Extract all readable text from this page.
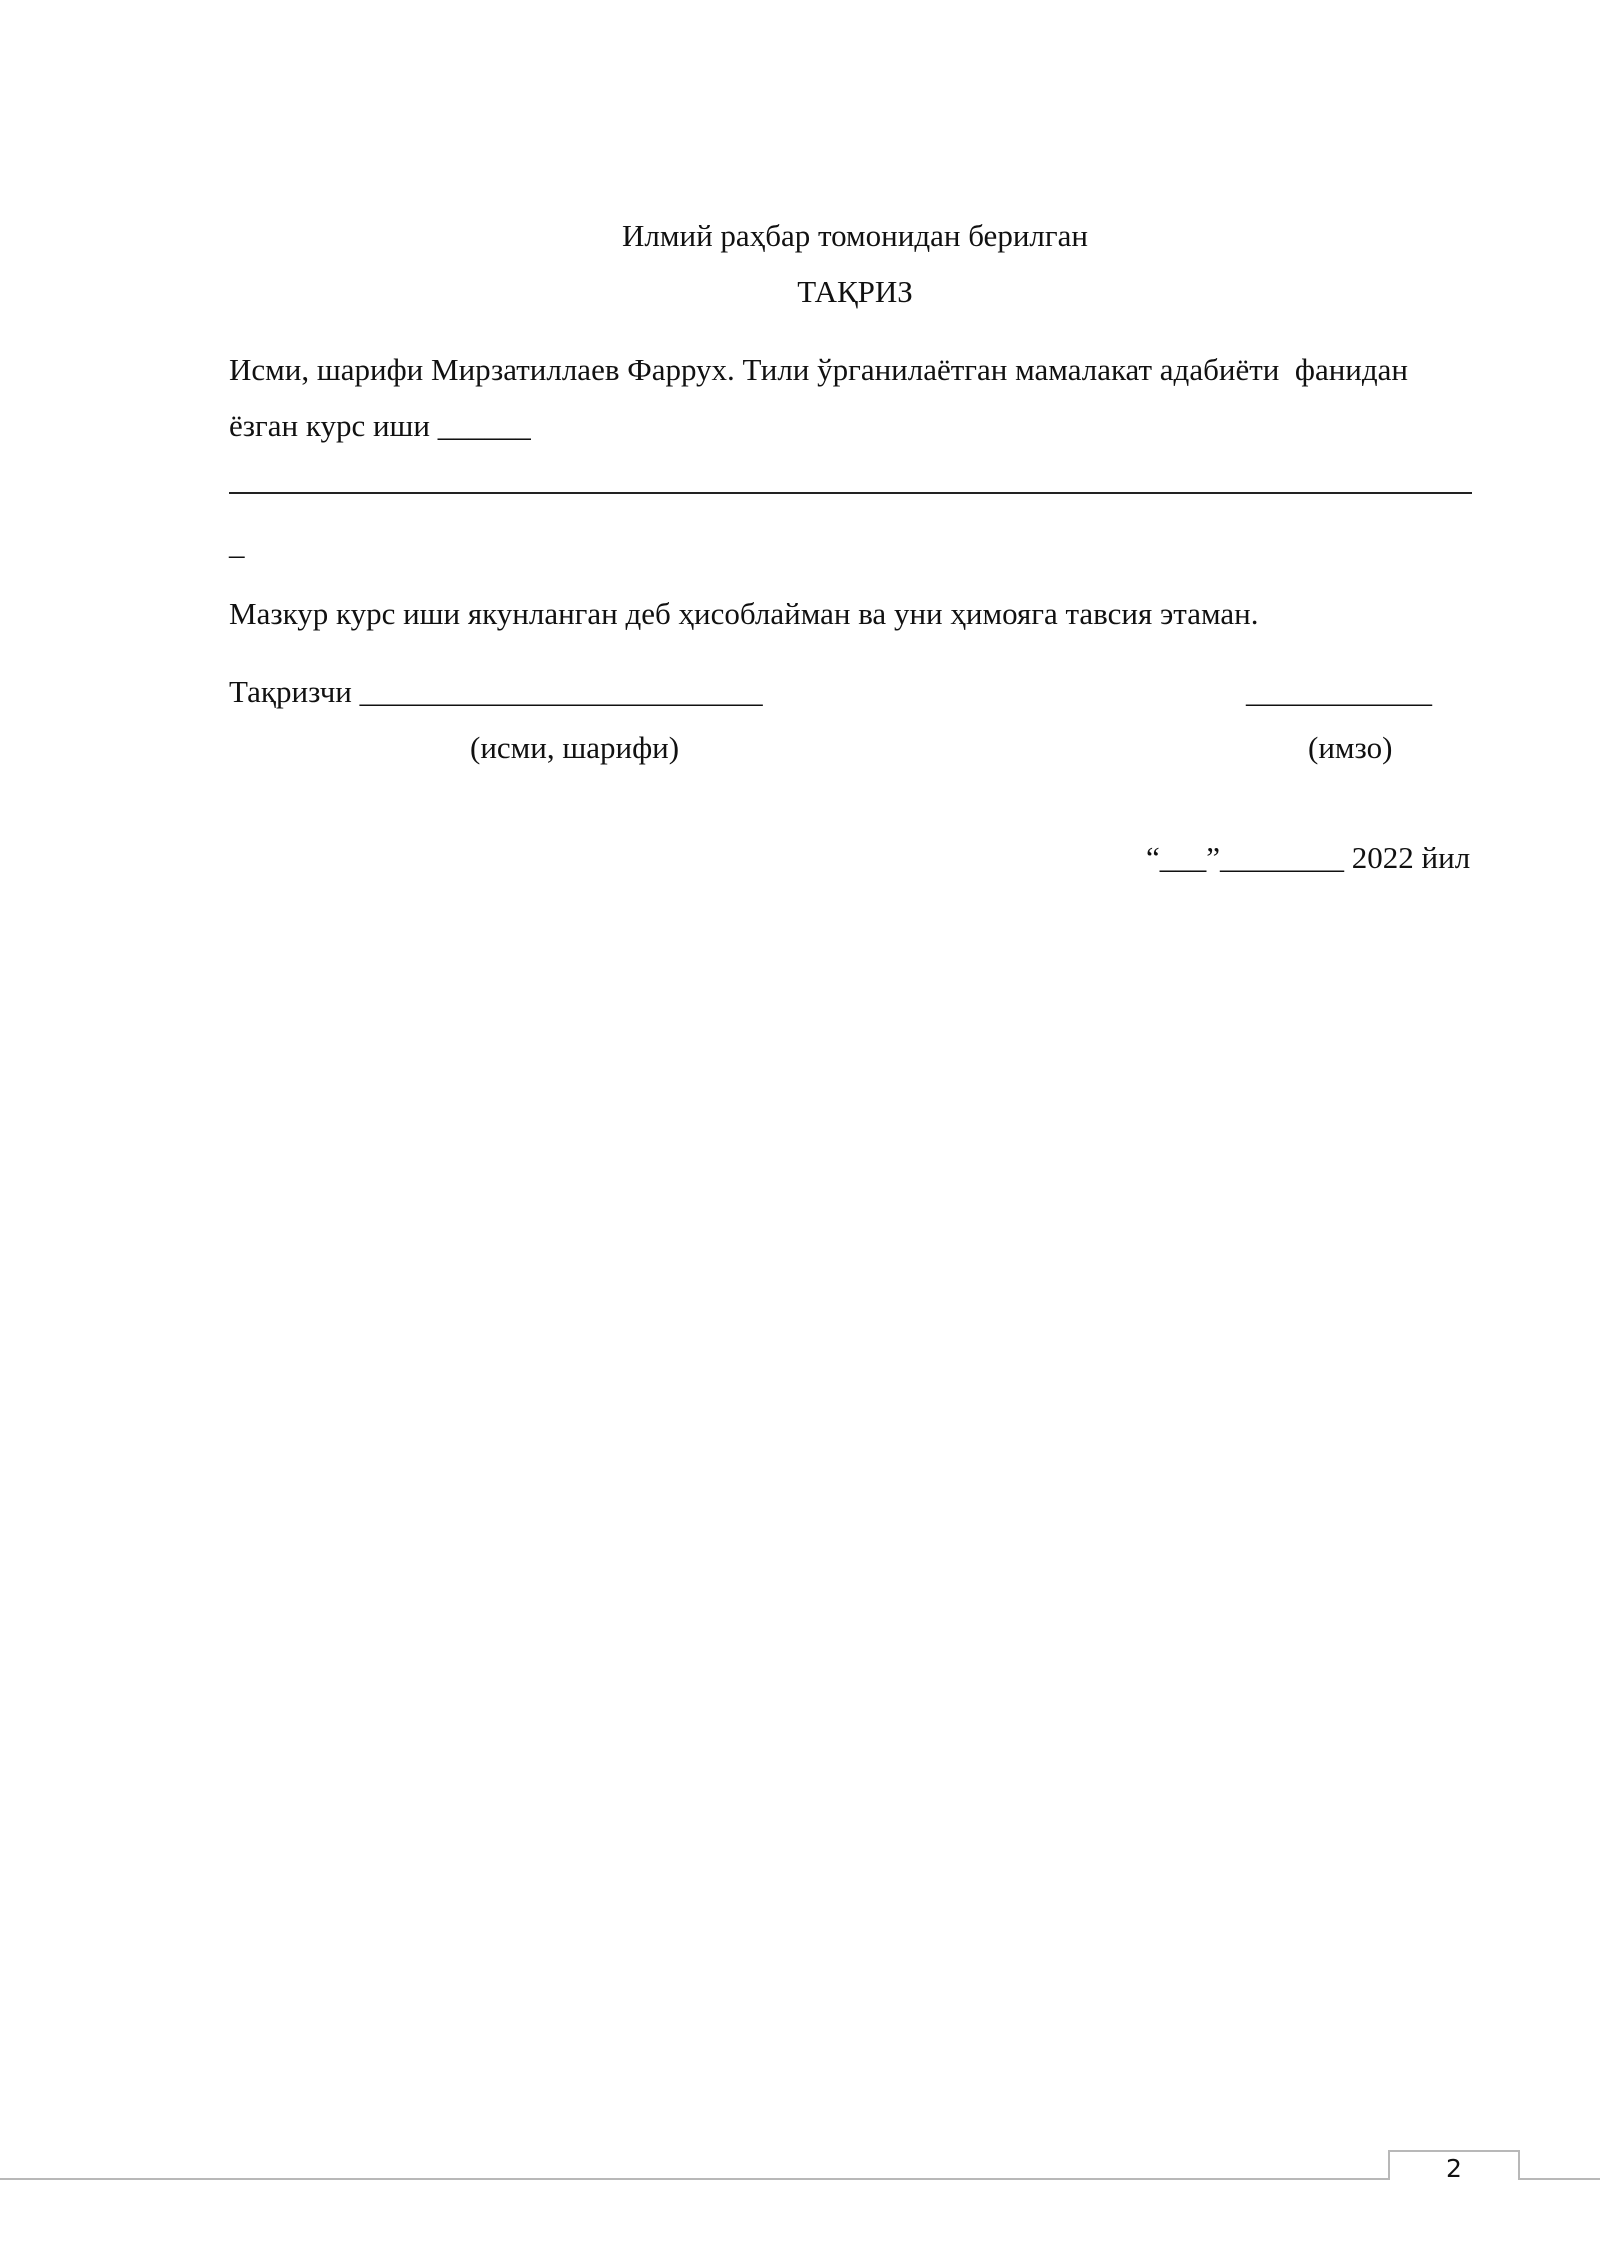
Илмий раҳбар томонидан берилган

ТАҚРИЗ

Исми, шарифи Мирзатиллаев Фаррух. Тили ўрганилаётган мамалакат адабиёти  фанидан

ёзган курс иши ______

_

Мазкур курс иши якунланган деб ҳисоблайман ва уни ҳимояга тавсия этаман.

Тақризчи __________________________	____________

(исми, шарифи)	(имзо)

“___”________ 2022 йил

2
